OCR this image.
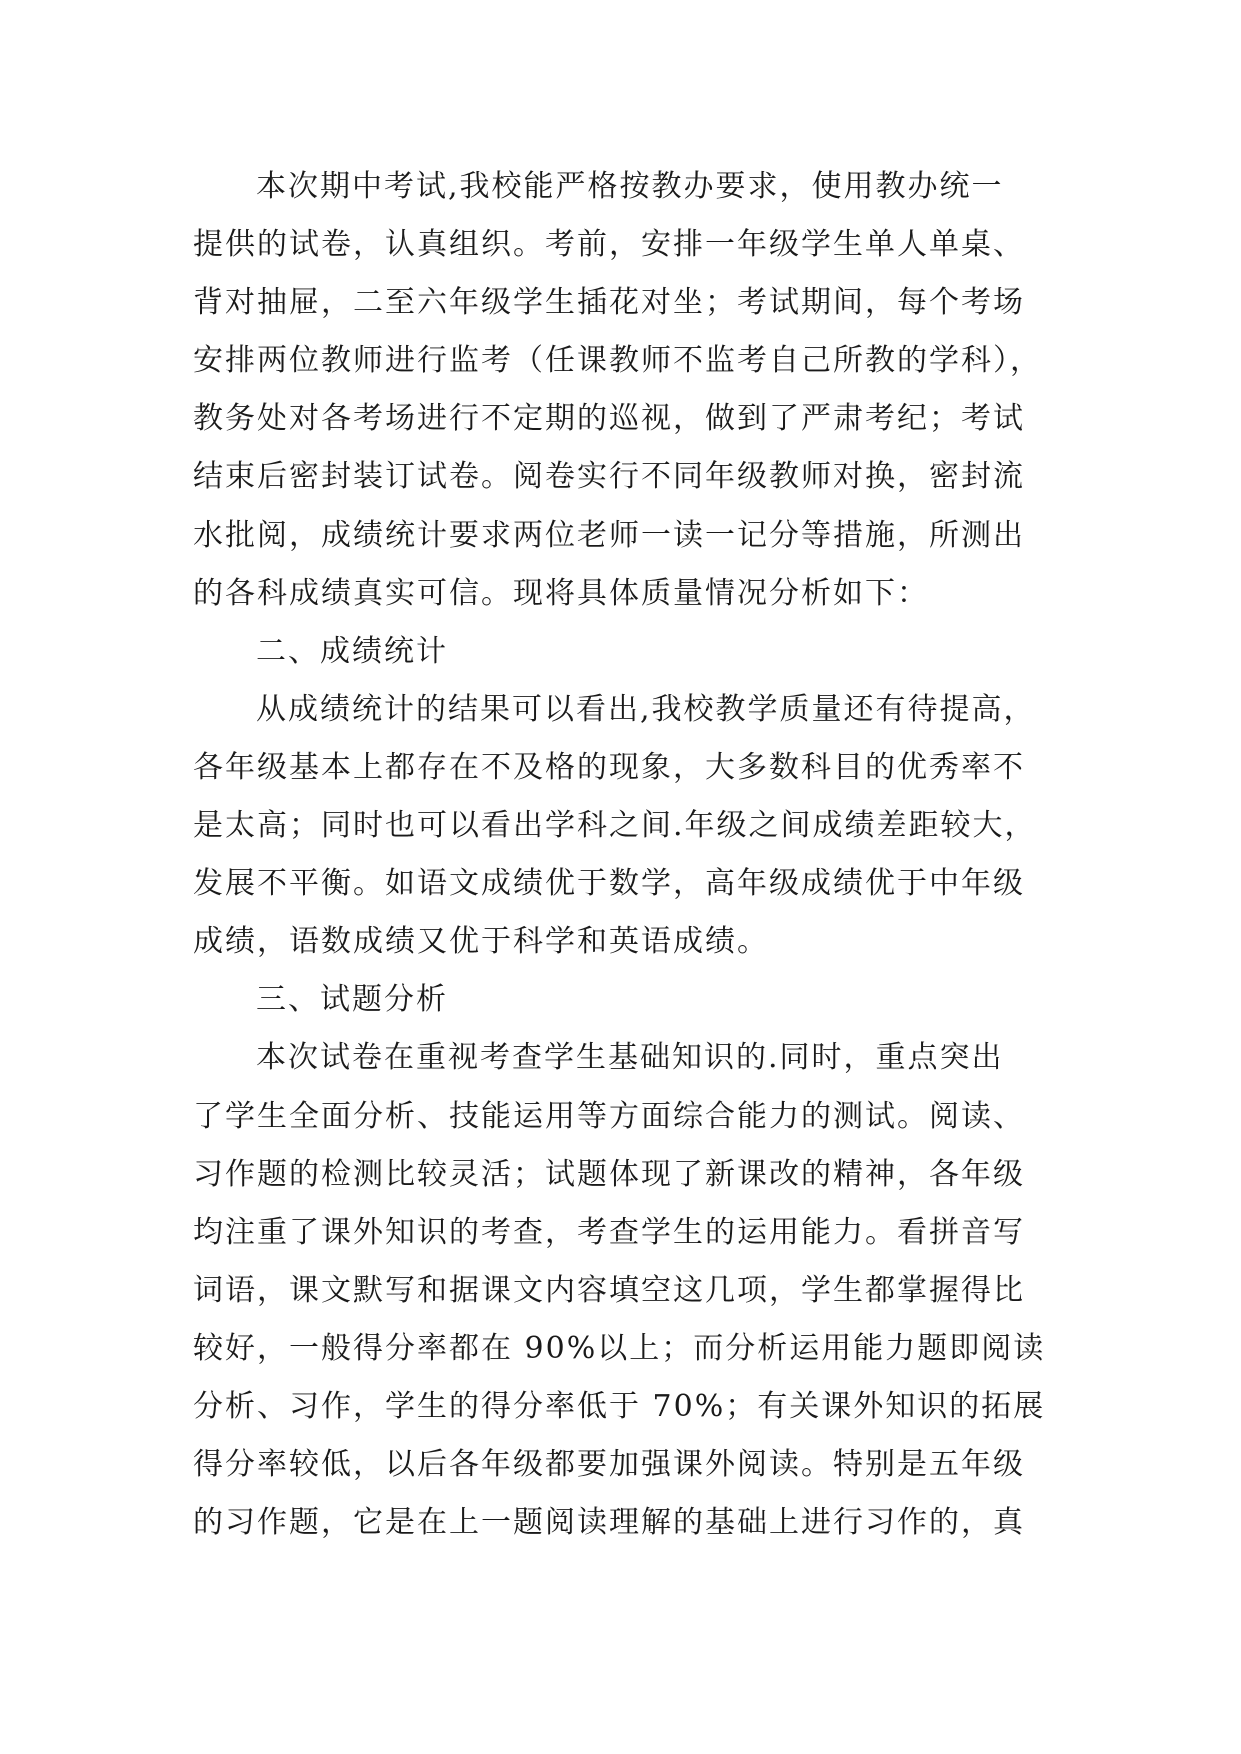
本次期中考试,我校能严格按教办要求，使用教办统一
提供的试卷，认真组织。考前，安排一年级学生单人单桌、
背对抽屉，二至六年级学生插花对坐；考试期间，每个考场
安排两位教师进行监考（任课教师不监考自己所教的学科），
教务处对各考场进行不定期的巡视，做到了严肃考纪；考试
结束后密封装订试卷。阅卷实行不同年级教师对换，密封流
水批阅，成绩统计要求两位老师一读一记分等措施，所测出
的各科成绩真实可信。现将具体质量情况分析如下：
二、成绩统计
从成绩统计的结果可以看出,我校教学质量还有待提高，
各年级基本上都存在不及格的现象，大多数科目的优秀率不
是太高；同时也可以看出学科之间.年级之间成绩差距较大，
发展不平衡。如语文成绩优于数学，高年级成绩优于中年级
成绩，语数成绩又优于科学和英语成绩。
三、试题分析
本次试卷在重视考查学生基础知识的.同时，重点突出
了学生全面分析、技能运用等方面综合能力的测试。阅读、
习作题的检测比较灵活；试题体现了新课改的精神，各年级
均注重了课外知识的考查，考查学生的运用能力。看拼音写
词语，课文默写和据课文内容填空这几项，学生都掌握得比
较好，一般得分率都在 90%以上；而分析运用能力题即阅读
分析、习作，学生的得分率低于 70%；有关课外知识的拓展
得分率较低，以后各年级都要加强课外阅读。特别是五年级
的习作题，它是在上一题阅读理解的基础上进行习作的，真
